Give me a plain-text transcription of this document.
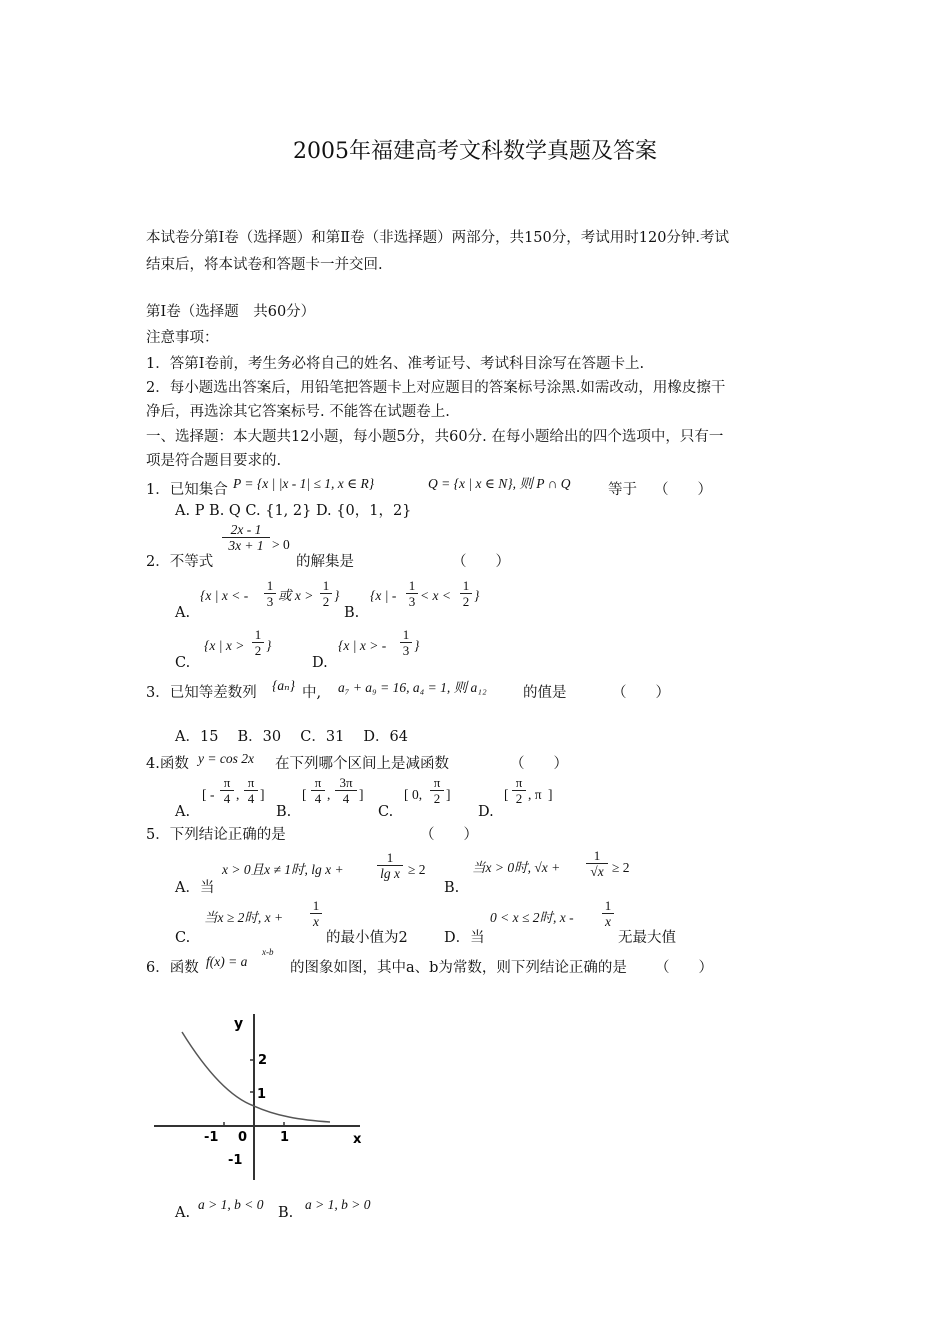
2005年福建高考文科数学真题及答案
本试卷分第Ⅰ卷（选择题）和第Ⅱ卷（非选择题）两部分，共150分，考试用时120分钟.考试
结束后，将本试卷和答题卡一并交回.
第Ⅰ卷（选择题　共60分）
注意事项：
1．答第Ⅰ卷前，考生务必将自己的姓名、准考证号、考试科目涂写在答题卡上.
2．每小题选出答案后，用铅笔把答题卡上对应题目的答案标号涂黑.如需改动，用橡皮擦干
净后，再选涂其它答案标号. 不能答在试题卷上.
一、选择题：本大题共12小题，每小题5分，共60分. 在每小题给出的四个选项中，只有一
项是符合题目要求的.
1．已知集合 P = {x | |x - 1| ≤ 1, x ∈ R}	Q = {x | x ∈ N}, 则 P ∩ Q	等于 （　　）
A. P B. Q C. {1, 2} D. {0，1，2}
2．不等式
2x - 1
3x + 1 > 0
的解集是	（　　）
A.
{x | x < -
1
3 或 x >
1
2 }
B.
{x | -
1
3 < x <
1
2 }
C.
{x | x >
1
2 }
D.
{x | x > -
1
3 }
3．已知等差数列 {aₙ} 中, a₇ + a₉ = 16, a₄ = 1, 则 a₁₂	的值是	（　　）
A．15　 B．30　 C．31　 D．64
4.函数 y = cos 2x 在下列哪个区间上是减函数	（　　）
A.
[ -
π
4 ,
π
4 ]
B.
[
π
4 ,
3π
4 ]
C.
[ 0,
π
2 ]
D.
[
π
2 , π ]
5．下列结论正确的是	（　　）
A．当
x > 0且x ≠ 1时, lg x +
1
lg x ≥ 2
B.
当x > 0时, √x +
1
√x ≥ 2
C.
当x ≥ 2时, x +
1
x
的最小值为2	D．当
0 < x ≤ 2时, x -
1
x
无最大值
6．函数 f(x) = a
x-b
的图象如图，其中a、b为常数，则下列结论正确的是 （　　）
y
x
2
1
-1
0
-1	1
A.
a > 1, b < 0
B.
a > 1, b > 0
